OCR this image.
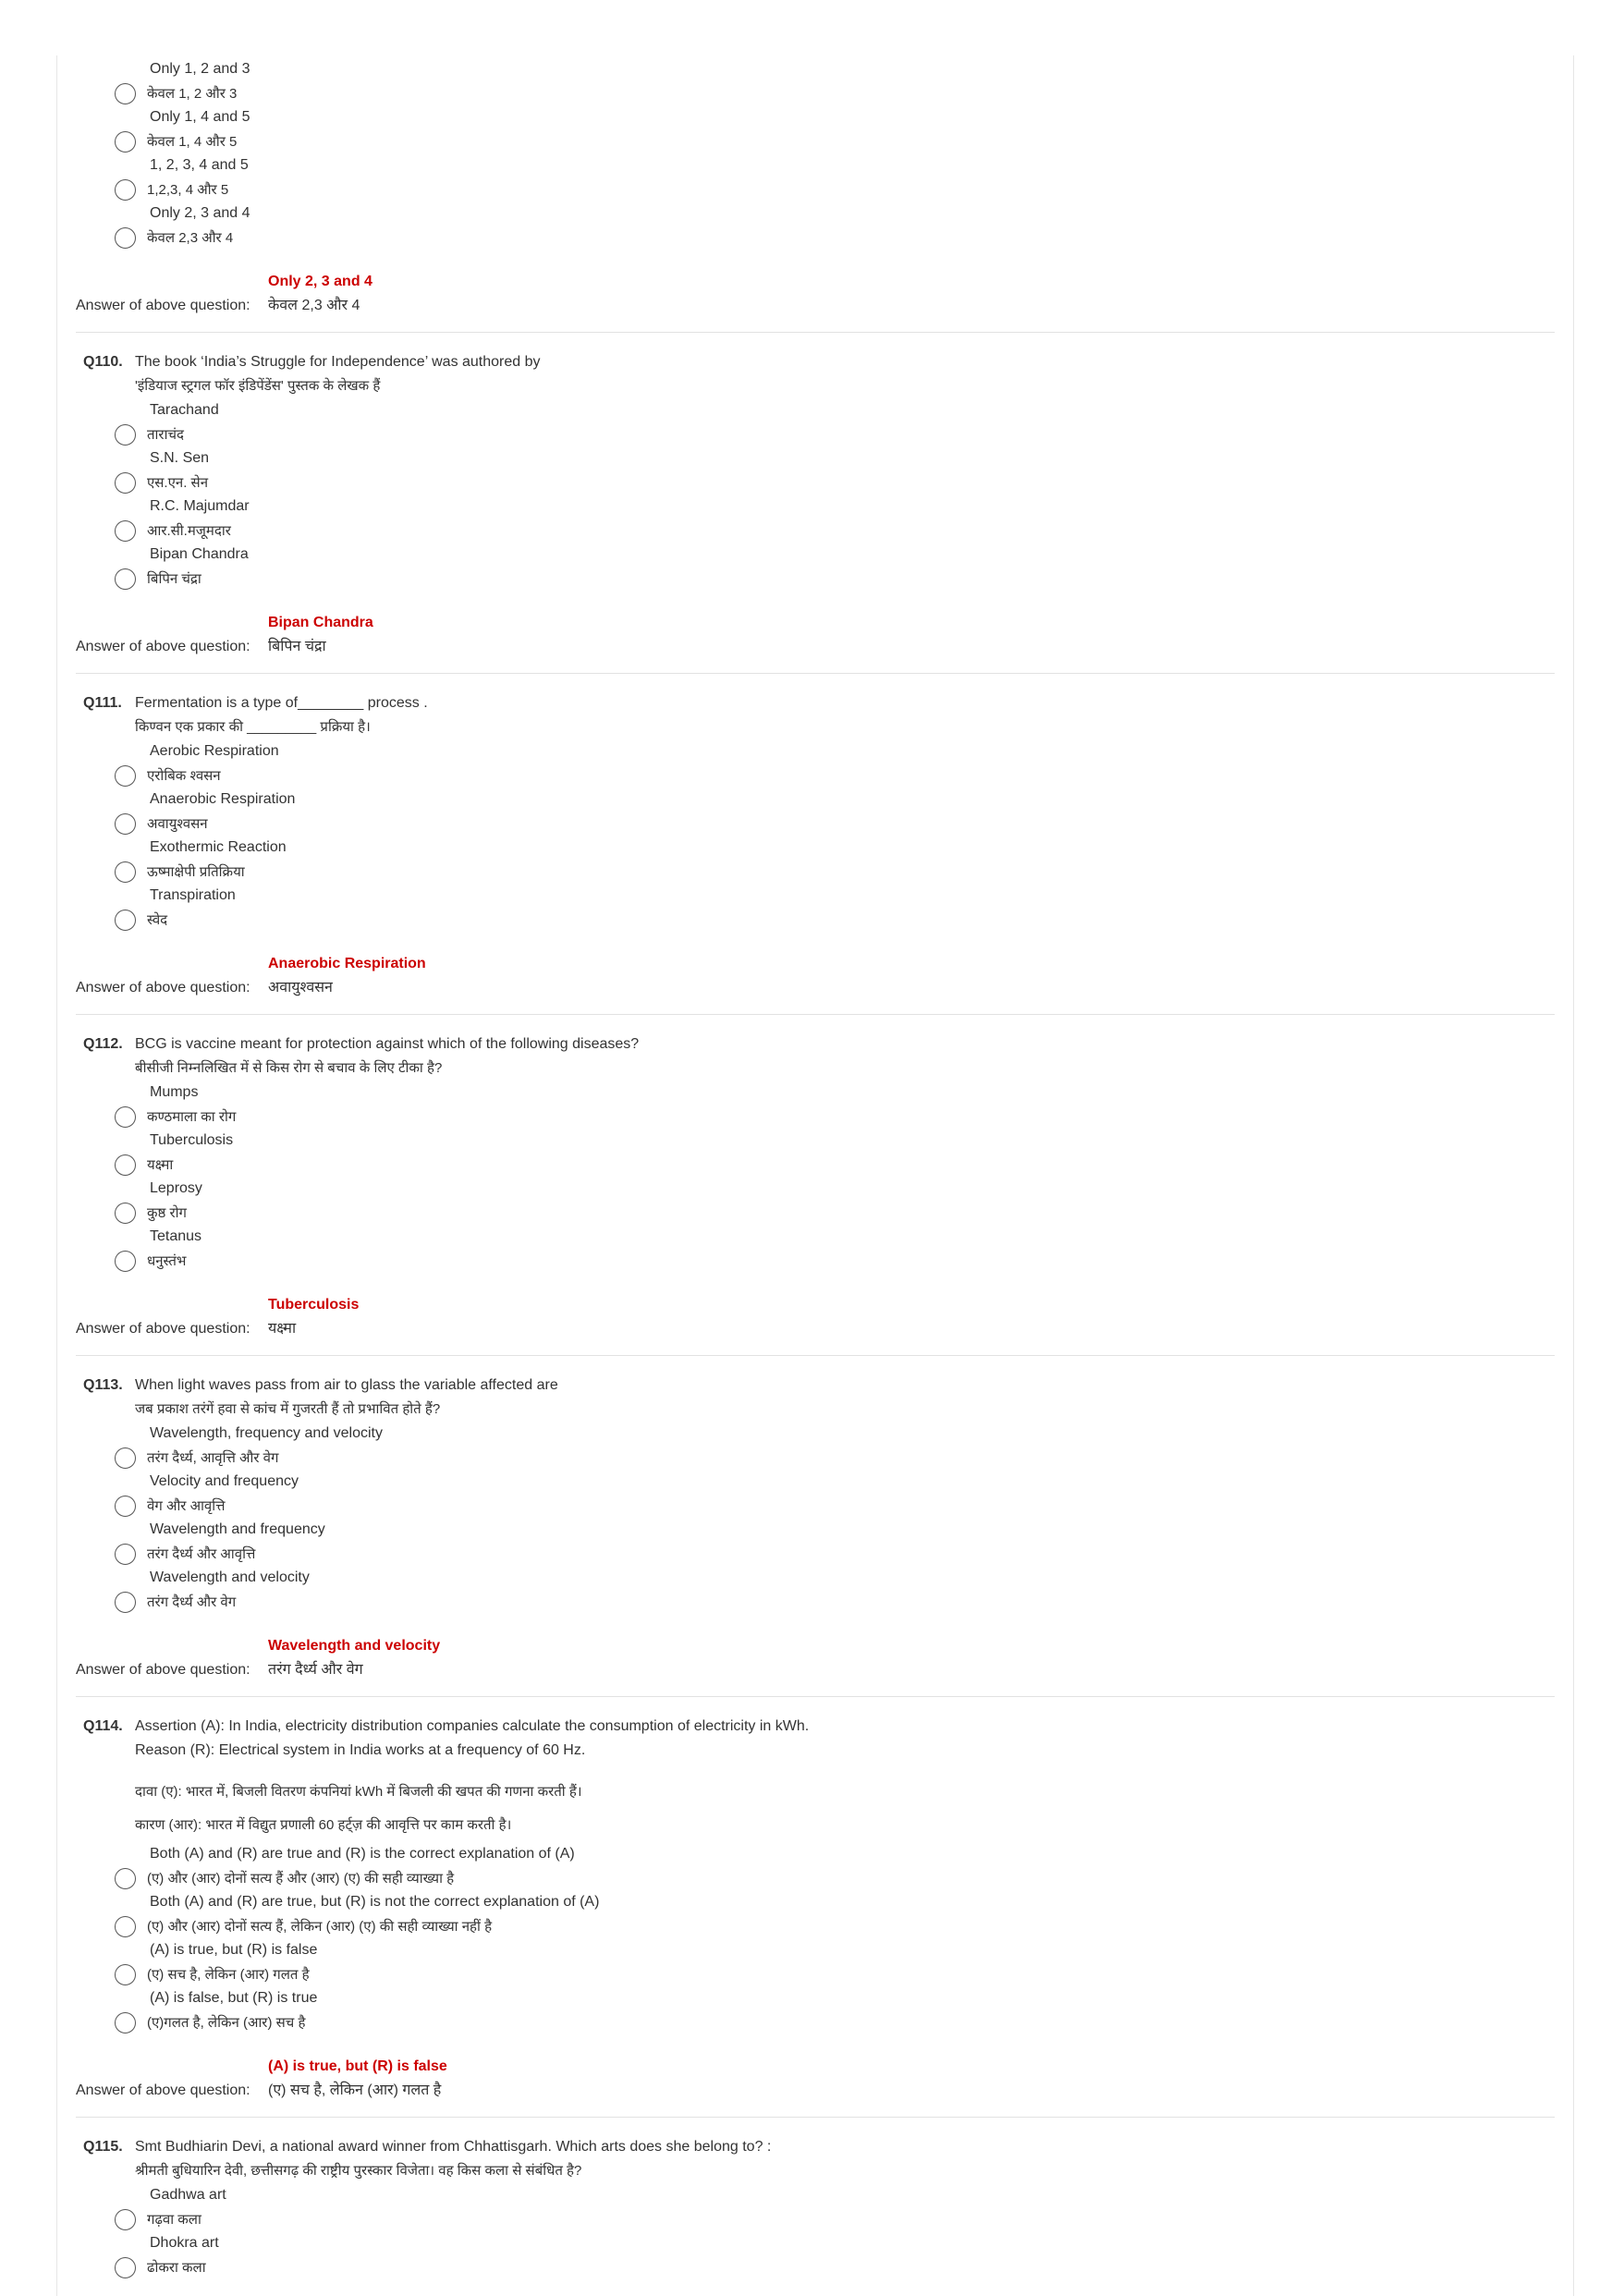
Only 1, 2 and 3
केवल 1, 2 और 3
Only 1, 4 and 5
केवल 1, 4 और 5
1, 2, 3, 4 and 5
1,2,3, 4 और 5
Only 2, 3 and 4
केवल 2,3 और 4
Only 2, 3 and 4
Answer of above question:	केवल 2,3 और 4
Q110. The book ‘India’s Struggle for Independence’ was authored by
'इंडियाज स्ट्रगल फॉर इंडिपेंडेंस' पुस्तक के लेखक हैं
Tarachand
ताराचंद
S.N. Sen
एस.एन. सेन
R.C. Majumdar
आर.सी.मजूमदार
Bipan Chandra
बिपिन चंद्रा
Bipan Chandra
Answer of above question:	बिपिन चंद्रा
Q111. Fermentation is a type of________ process .
किण्वन एक प्रकार की _________ प्रक्रिया है।
Aerobic Respiration
एरोबिक श्वसन
Anaerobic Respiration
अवायुश्वसन
Exothermic Reaction
ऊष्माक्षेपी प्रतिक्रिया
Transpiration
स्वेद
Anaerobic Respiration
Answer of above question:	अवायुश्वसन
Q112. BCG is vaccine meant for protection against which of the following diseases?
बीसीजी निम्नलिखित में से किस रोग से बचाव के लिए टीका है?
Mumps
कण्ठमाला का रोग
Tuberculosis
यक्ष्मा
Leprosy
कुष्ठ रोग
Tetanus
धनुस्तंभ
Tuberculosis
Answer of above question:	यक्ष्मा
Q113. When light waves pass from air to glass the variable affected are
जब प्रकाश तरंगें हवा से कांच में गुजरती हैं तो प्रभावित होते हैं?
Wavelength, frequency and velocity
तरंग दैर्ध्य, आवृत्ति और वेग
Velocity and frequency
वेग और आवृत्ति
Wavelength and frequency
तरंग दैर्ध्य और आवृत्ति
Wavelength and velocity
तरंग दैर्ध्य और वेग
Wavelength and velocity
Answer of above question:	तरंग दैर्ध्य और वेग
Q114. Assertion (A): In India, electricity distribution companies calculate the consumption of electricity in kWh.
Reason (R): Electrical system in India works at a frequency of 60 Hz.
दावा (ए): भारत में, बिजली वितरण कंपनियां kWh में बिजली की खपत की गणना करती हैं।
कारण (आर): भारत में विद्युत प्रणाली 60 हर्ट्ज़ की आवृत्ति पर काम करती है।
Both (A) and (R) are true and (R) is the correct explanation of (A)
(ए) और (आर) दोनों सत्य हैं और (आर) (ए) की सही व्याख्या है
Both (A) and (R) are true, but (R) is not the correct explanation of (A)
(ए) और (आर) दोनों सत्य हैं, लेकिन (आर) (ए) की सही व्याख्या नहीं है
(A) is true, but (R) is false
(ए) सच है, लेकिन (आर) गलत है
(A) is false, but (R) is true
(ए)गलत है, लेकिन (आर) सच है
(A) is true, but (R) is false
Answer of above question:	(ए) सच है, लेकिन (आर) गलत है
Q115. Smt Budhiarin Devi, a national award winner from Chhattisgarh. Which arts does she belong to? :
श्रीमती बुधियारिन देवी, छत्तीसगढ़ की राष्ट्रीय पुरस्कार विजेता। वह किस कला से संबंधित है?
Gadhwa art
गढ़वा कला
Dhokra art
ढोकरा कला
